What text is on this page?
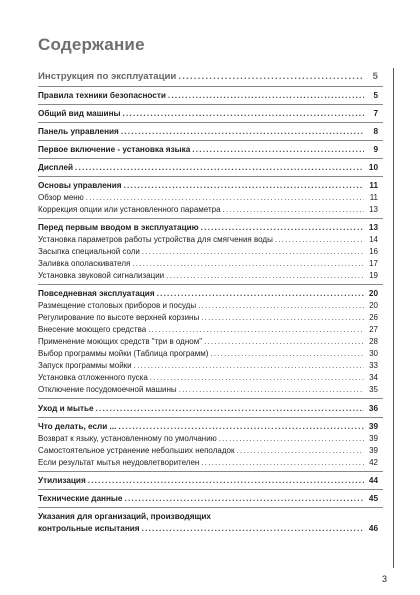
Содержание
Инструкция по эксплуатации .....	5
Правила техники безопасности .....	5
Общий вид машины .....	7
Панель управления .....	8
Первое включение - установка языка .....	9
Дисплей .....	10
Основы управления .....	11
Обзор меню .....	11
Коррекция опции или установленного параметра .....	13
Перед первым вводом в эксплуатацию .....	13
Установка параметров работы устройства для смягчения воды .....	14
Засыпка специальной соли .....	16
Заливка ополаскивателя .....	17
Установка звуковой сигнализации .....	19
Повседневная эксплуатация .....	20
Размещение столовых приборов и посуды .....	20
Регулирование по высоте верхней корзины .....	26
Внесение моющего средства .....	27
Применение моющих средств "три в одном" .....	28
Выбор программы мойки (Таблица программ) .....	30
Запуск программы мойки .....	33
Установка отложенного пуска .....	34
Отключение посудомоечной машины .....	35
Уход и мытье .....	36
Что делать, если ... .....	39
Возврат к языку, установленному по умолчанию .....	39
Самостоятельное устранение небольших неполадок .....	39
Если результат мытья неудовлетворителен .....	42
Утилизация .....	44
Технические данные .....	45
Указания для организаций, производящих
контрольные испытания .....	46
3
